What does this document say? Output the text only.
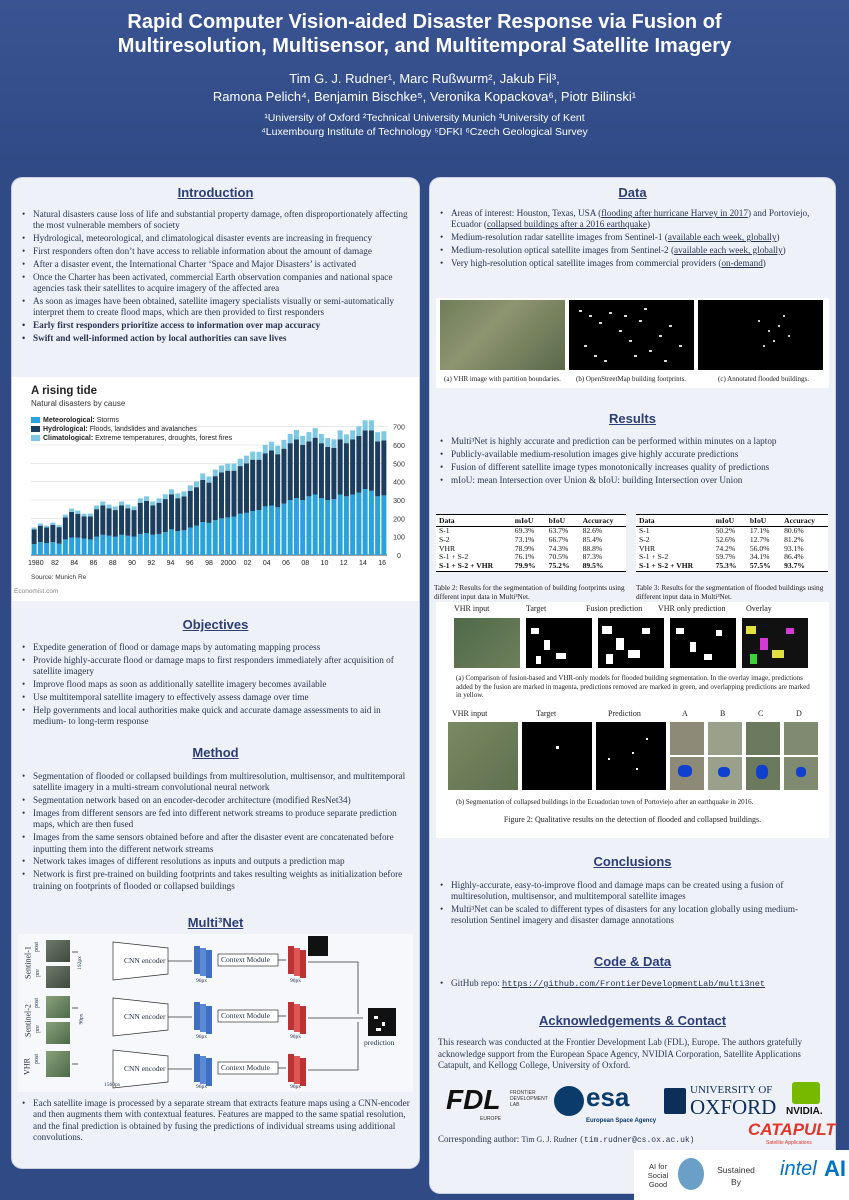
Rapid Computer Vision-aided Disaster Response via Fusion of
Multiresolution, Multisensor, and Multitemporal Satellite Imagery
Tim G. J. Rudner¹, Marc Rußwurm², Jakub Fil³,
Ramona Pelich⁴, Benjamin Bischke⁵, Veronika Kopackova⁶, Piotr Bilinski¹
¹University of Oxford ²Technical University Munich ³University of Kent
⁴Luxembourg Institute of Technology ⁵DFKI ⁶Czech Geological Survey
Introduction
• Natural disasters cause loss of life and substantial property damage, often disproportionately affecting the most vulnerable members of society
• Hydrological, meteorological, and climatological disaster events are increasing in frequency
• First responders often don’t have access to reliable information about the amount of damage
• After a disaster event, the International Charter ‘Space and Major Disasters’ is activated
• Once the Charter has been activated, commercial Earth observation companies and national space agencies task their satellites to acquire imagery of the affected area
• As soon as images have been obtained, satellite imagery specialists visually or semi-automatically interpret them to create flood maps, which are then provided to first responders
• Early first responders prioritize access to information over map accuracy
• Swift and well-informed action by local authorities can save lives
Objectives
• Expedite generation of flood or damage maps by automating mapping process
• Provide highly-accurate flood or damage maps to first responders immediately after acquisition of satellite imagery
• Improve flood maps as soon as additionally satellite imagery becomes available
• Use multitemporal satellite imagery to effectively assess damage over time
• Help governments and local authorities make quick and accurate damage assessments to aid in medium- to long-term response
Method
• Segmentation of flooded or collapsed buildings from multiresolution, multisensor, and multitemporal satellite imagery in a multi-stream convolutional neural network
• Segmentation network based on an encoder-decoder architecture (modified ResNet34)
• Images from different sensors are fed into different network streams to produce separate prediction maps, which are then fused
• Images from the same sensors obtained before and after the disaster event are concatenated before inputting them into the different network streams
• Network takes images of different resolutions as inputs and outputs a prediction map
• Network is first pre-trained on building footprints and takes resulting weights as initialization before training on footprints of flooded or collapsed buildings
Multi³Net
Sentinel-1
Sentinel-2
VHR
post
pre
post
pre
post
192px
96px
1560px
CNN encoder
CNN encoder
CNN encoder
Context Module
Context Module
Context Module
96px	96px
96px	96px
96px	96px
prediction
• Each satellite image is processed by a separate stream that extracts feature maps using a CNN-encoder and then augments them with contextual features. Features are mapped to the same spatial resolution, and the final prediction is obtained by fusing the predictions of individual streams using additional convolutions.
0
100
200
300
400
500
600
700
1980 82 84 86 88 90 92 94 96 98 2000 02 04 06 08 10 12 14 16
A rising tide
Natural disasters by cause
Meteorological: Storms
Hydrological: Floods, landslides and avalanches
Climatological: Extreme temperatures, droughts, forest fires
Source: Munich Re
Economist.com
Data
• Areas of interest: Houston, Texas, USA (flooding after hurricane Harvey in 2017) and Portoviejo, Ecuador (collapsed buildings after a 2016 earthquake)
• Medium-resolution radar satellite images from Sentinel-1 (available each week, globally)
• Medium-resolution optical satellite images from Sentinel-2 (available each week, globally)
• Very high-resolution optical satellite images from commercial providers (on-demand)
(a) VHR image with partition boundaries. (b) OpenStreetMap building footprints.	(c) Annotated flooded buildings.
Results
• Multi³Net is highly accurate and prediction can be performed within minutes on a laptop
• Publicly-available medium-resolution images give highly accurate predictions
• Fusion of different satellite image types monotonically increases quality of predictions
• mIoU: mean Intersection over Union & bIoU: building Intersection over Union
Data	mIoU	bIoU	Accuracy
S-1	69.3%	63.7%	82.6%
S-2	73.1%	66.7%	85.4%
VHR	78.9%	74.3%	88.8%
S-1 + S-2	76.1%	70.5%	87.3%
S-1 + S-2 + VHR	79.9%	75.2%	89.5%
Data	mIoU	bIoU	Accuracy
S-1	50.2%	17.1%	80.6%
S-2	52.6%	12.7%	81.2%
VHR	74.2%	56.0%	93.1%
S-1 + S-2	59.7%	34.1%	86.4%
S-1 + S-2 + VHR	75.3%	57.5%	93.7%
Table 2: Results for the segmentation of building footprints using different input data in Multi³Net.
Table 3: Results for the segmentation of flooded buildings using different input data in Multi³Net.
VHR input	Target	Fusion prediction VHR only prediction	Overlay
(a) Comparison of fusion-based and VHR-only models for flooded building segmentation. In the overlay image, predictions added by the fusion are marked in magenta, predictions removed are marked in green, and overlapping predictions are marked in yellow.
VHR input	Target	Prediction	A	B	C	D
(b) Segmentation of collapsed buildings in the Ecuadorian town of Portoviejo after an earthquake in 2016.
Figure 2: Qualitative results on the detection of flooded and collapsed buildings.
Conclusions
• Highly-accurate, easy-to-improve flood and damage maps can be created using a fusion of multiresolution, multisensor, and multitemporal satellite images
• Multi³Net can be scaled to different types of disasters for any location globally using medium-resolution Sentinel imagery and disaster damage annotations
Code & Data
• GitHub repo: https://github.com/FrontierDevelopmentLab/multi3net
Acknowledgements & Contact
This research was conducted at the Frontier Development Lab (FDL), Europe. The authors gratefully acknowledge support from the European Space Agency, NVIDIA Corporation, Satellite Applications Catapult, and Kellogg College, University of Oxford.
FDL
EUROPE
FRONTIER
DEVELOPMENT
LAB	esa
European Space Agency
UNIVERSITY OF
OXFORD NVIDIA.
Corresponding author: Tim G. J. Rudner (tim.rudner@cs.ox.ac.uk)
CATAPULT
Satellite Applications
AI for
Social Good
Sustained
By
intel AI
